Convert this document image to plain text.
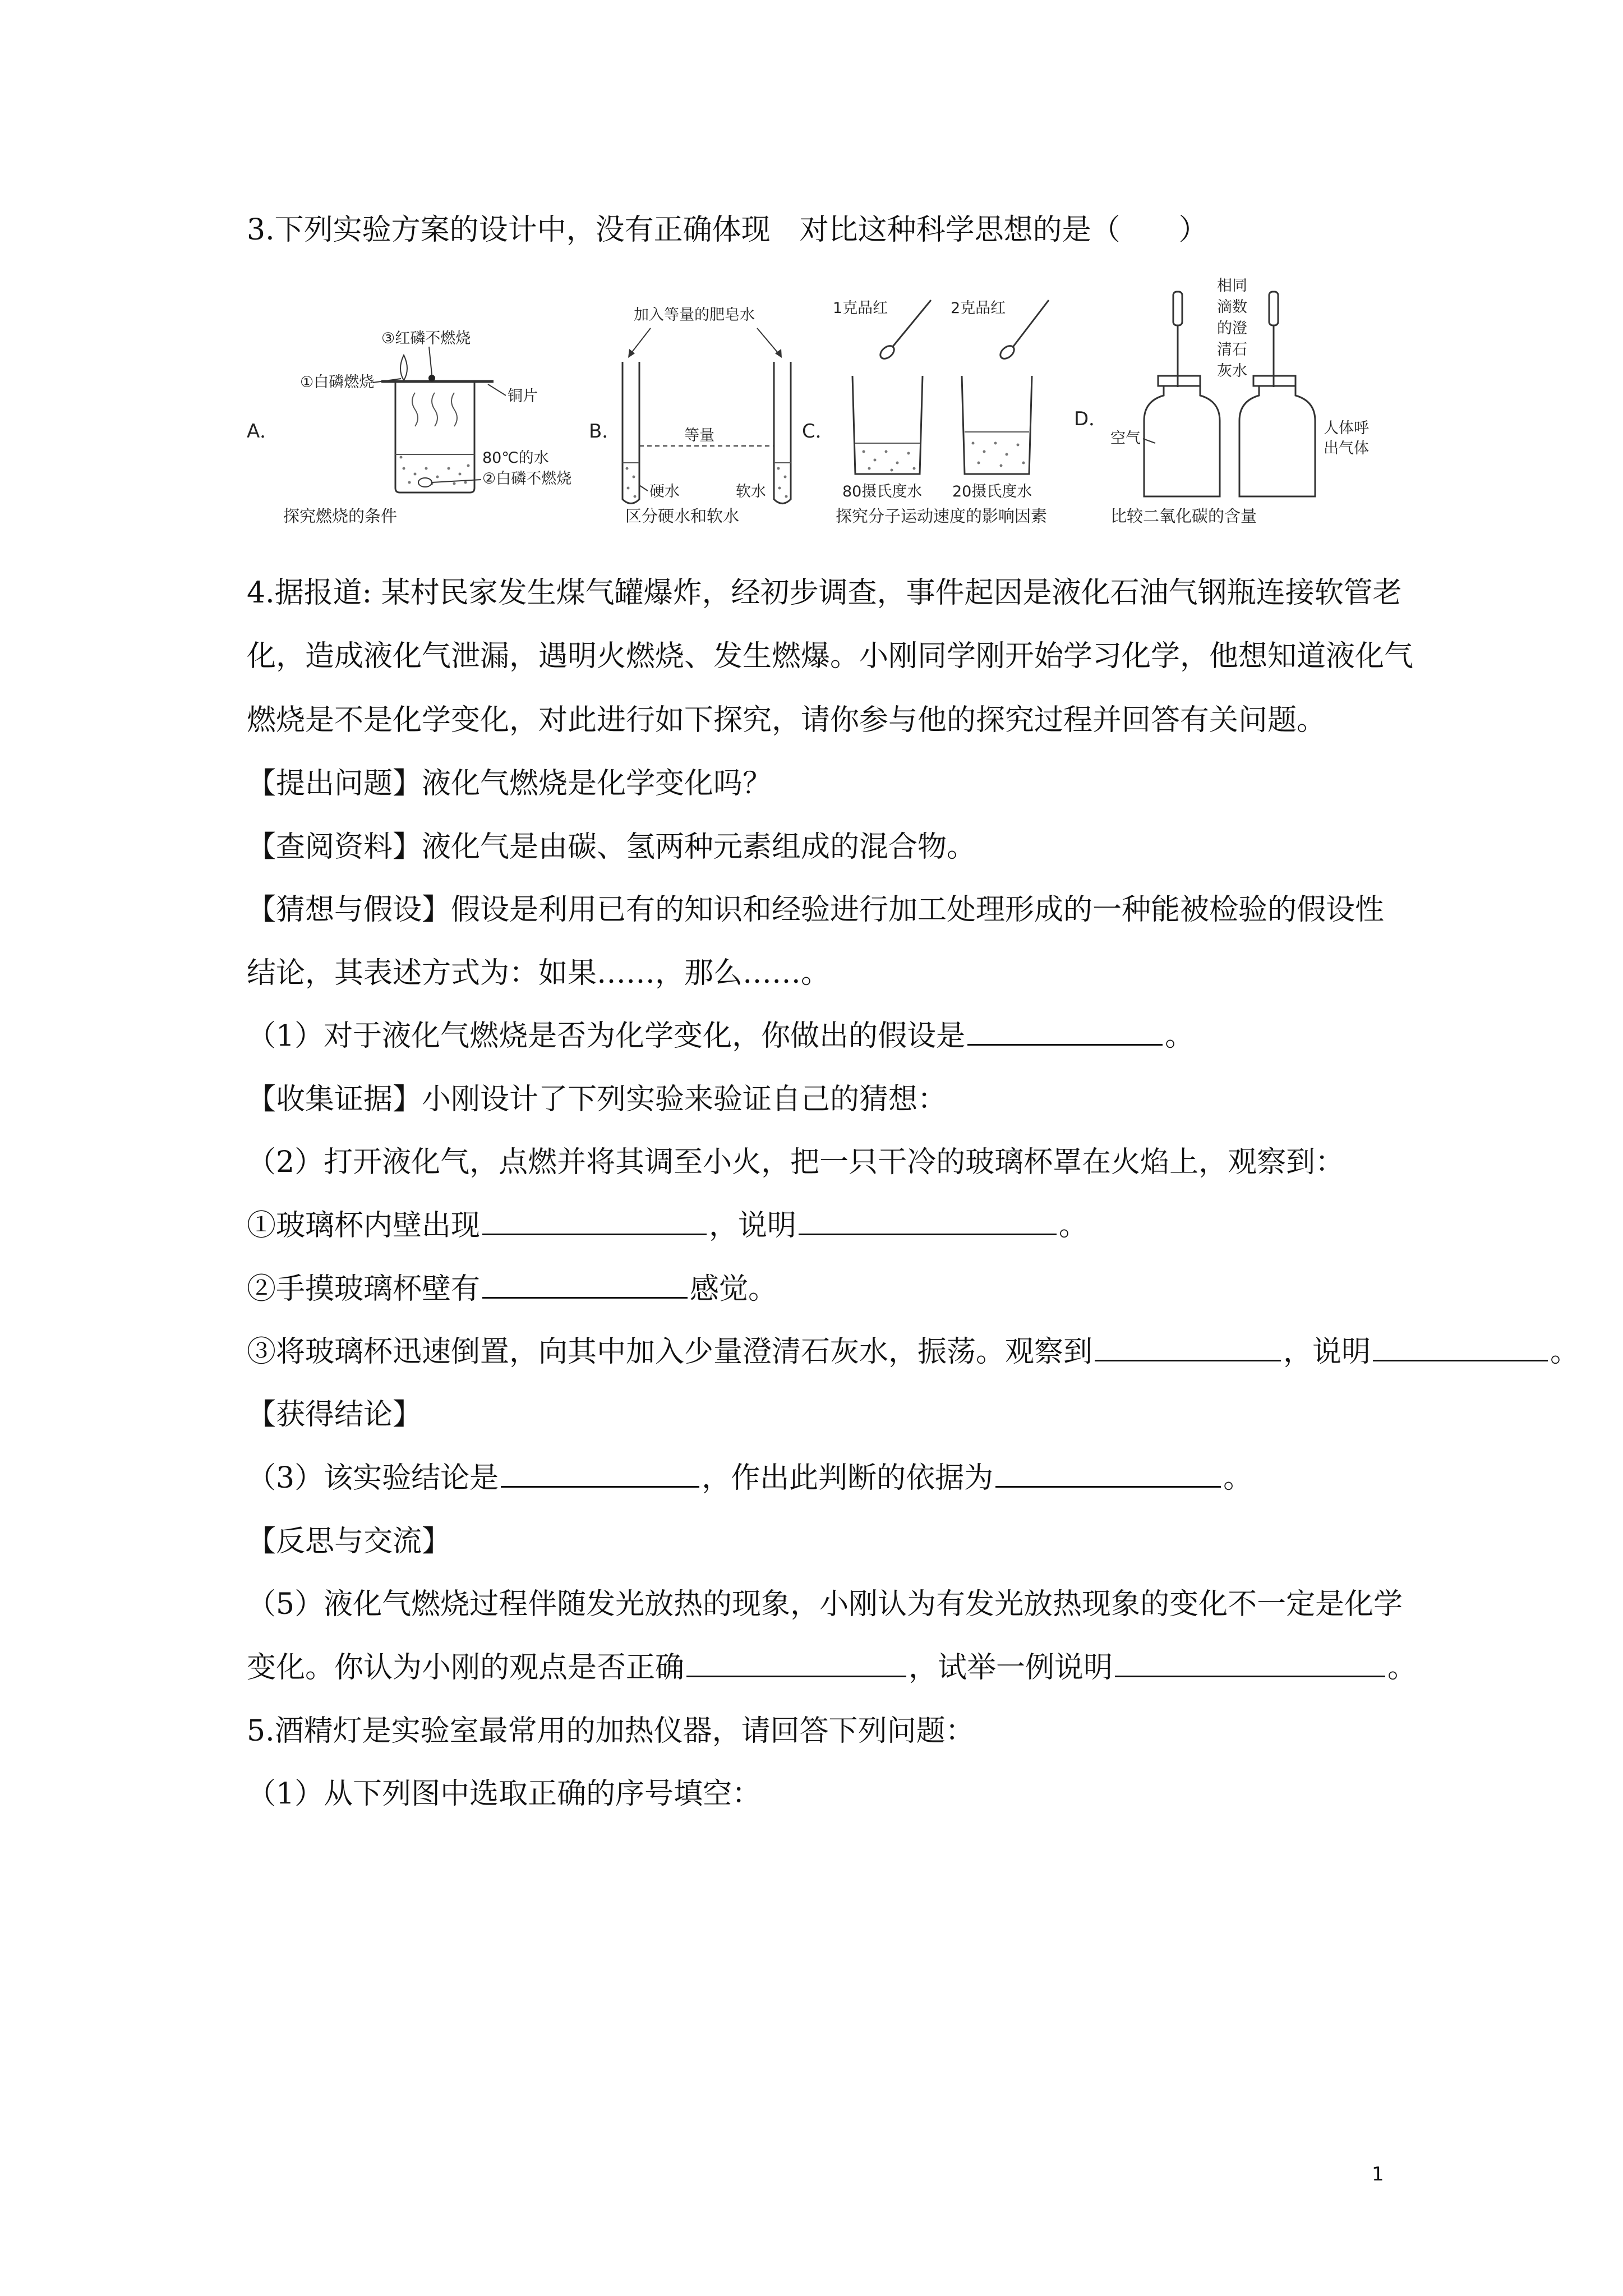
3.下列实验方案的设计中，没有正确体现　对比这种科学思想的是（　　）
A．
③红磷不燃烧
①白磷燃烧
铜片
80℃的水
②白磷不燃烧
探究燃烧的条件
B．
加入等量的肥皂水
等量
硬水	软水
区分硬水和软水
C．
1克品红	2克品红
80摄氏度水 20摄氏度水
探究分子运动速度的影响因素
D．
相同
滴数
的澄
清石
灰水
空气
人体呼
出气体
比较二氧化碳的含量
4.据报道: 某村民家发生煤气罐爆炸，经初步调查，事件起因是液化石油气钢瓶连接软管老
化，造成液化气泄漏，遇明火燃烧、发生燃爆。小刚同学刚开始学习化学，他想知道液化气
燃烧是不是化学变化，对此进行如下探究，请你参与他的探究过程并回答有关问题。
【提出问题】液化气燃烧是化学变化吗？
【查阅资料】液化气是由碳、氢两种元素组成的混合物。
【猜想与假设】假设是利用已有的知识和经验进行加工处理形成的一种能被检验的假设性
结论，其表述方式为：如果……，那么……。
（1）对于液化气燃烧是否为化学变化，你做出的假设是	。
【收集证据】小刚设计了下列实验来验证自己的猜想：
（2）打开液化气，点燃并将其调至小火，把一只干冷的玻璃杯罩在火焰上，观察到：
①玻璃杯内壁出现	，说明	。
②手摸玻璃杯壁有	感觉。
③将玻璃杯迅速倒置，向其中加入少量澄清石灰水，振荡。观察到	，说明	。
【获得结论】
（3）该实验结论是	，作出此判断的依据为	。
【反思与交流】
（5）液化气燃烧过程伴随发光放热的现象，小刚认为有发光放热现象的变化不一定是化学
变化。你认为小刚的观点是否正确	，试举一例说明	。
5.酒精灯是实验室最常用的加热仪器，请回答下列问题：
（1）从下列图中选取正确的序号填空：
1
